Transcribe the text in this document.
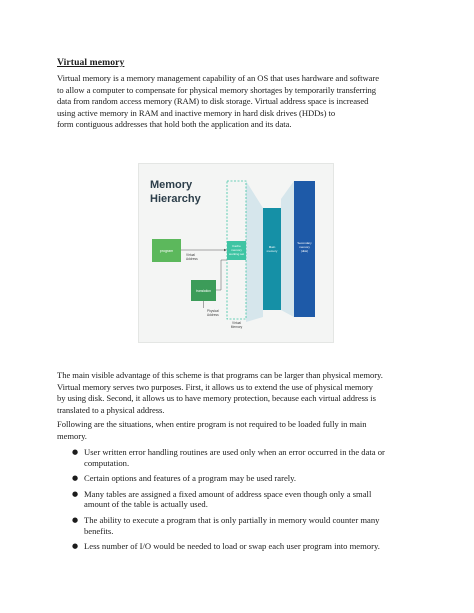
Virtual memory
Virtual memory is a memory management capability of an OS that uses hardware and software
to allow a computer to compensate for physical memory shortages by temporarily transferring
data from random access memory (RAM) to disk storage. Virtual address space is increased
using active memory in RAM and inactive memory in hard disk drives (HDDs) to
form contiguous addresses that hold both the application and its data.
Memory
Hierarchy
program
Virtual
Address
Cache
memory
working set
Virtual
Memory
translation
Physical
Address
Main
memory
Secondary
memory
(disk)
The main visible advantage of this scheme is that programs can be larger than physical memory.
Virtual memory serves two purposes. First, it allows us to extend the use of physical memory
by using disk. Second, it allows us to have memory protection, because each virtual address is
translated to a physical address.
Following are the situations, when entire program is not required to be loaded fully in main
memory.
● User written error handling routines are used only when an error occurred in the data or
computation.
● Certain options and features of a program may be used rarely.
● Many tables are assigned a fixed amount of address space even though only a small
amount of the table is actually used.
● The ability to execute a program that is only partially in memory would counter many
benefits.
● Less number of I/O would be needed to load or swap each user program into memory.
